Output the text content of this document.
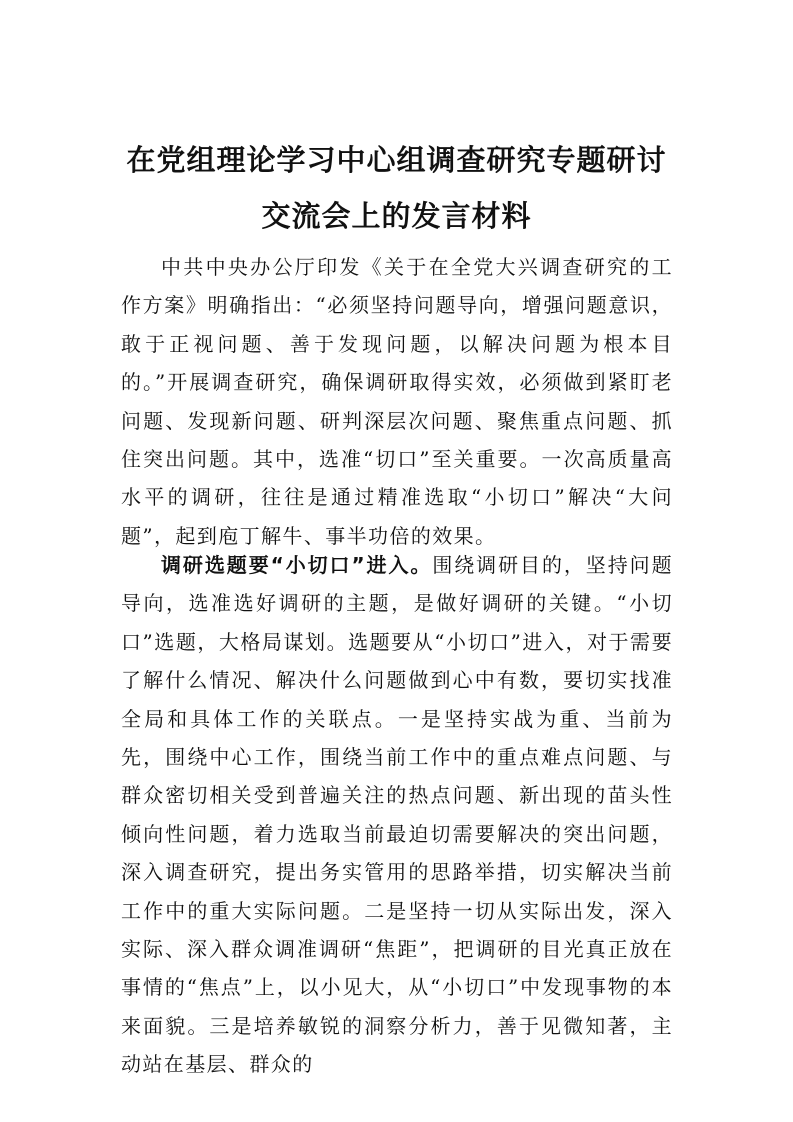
在党组理论学习中心组调查研究专题研讨
交流会上的发言材料

中共中央办公厅印发《关于在全党大兴调查研究的工作方案》明确指出：“必须坚持问题导向，增强问题意识，敢于正视问题、善于发现问题，以解决问题为根本目的。”开展调查研究，确保调研取得实效，必须做到紧盯老问题、发现新问题、研判深层次问题、聚焦重点问题、抓住突出问题。其中，选准“切口”至关重要。一次高质量高水平的调研，往往是通过精准选取“小切口”解决“大问题”，起到庖丁解牛、事半功倍的效果。

调研选题要“小切口”进入。围绕调研目的，坚持问题导向，选准选好调研的主题，是做好调研的关键。“小切口”选题，大格局谋划。选题要从“小切口”进入，对于需要了解什么情况、解决什么问题做到心中有数，要切实找准全局和具体工作的关联点。一是坚持实战为重、当前为先，围绕中心工作，围绕当前工作中的重点难点问题、与群众密切相关受到普遍关注的热点问题、新出现的苗头性倾向性问题，着力选取当前最迫切需要解决的突出问题，深入调查研究，提出务实管用的思路举措，切实解决当前工作中的重大实际问题。二是坚持一切从实际出发，深入实际、深入群众调准调研“焦距”，把调研的目光真正放在事情的“焦点”上，以小见大，从“小切口”中发现事物的本来面貌。三是培养敏锐的洞察分析力，善于见微知著，主动站在基层、群众的
